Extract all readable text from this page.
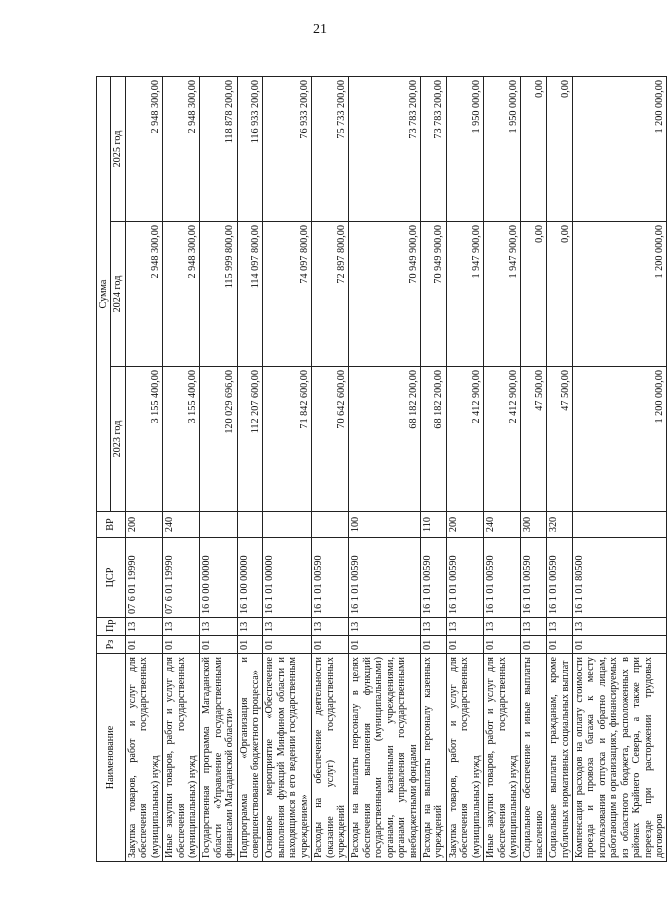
21
Наименование	Рз	Пр	ЦСР	ВР	Сумма		
					2023 год	2024 год	2025 год
Закупка товаров, работ и услуг для обеспечения государственных (муниципальных) нужд	01	13	07 6 01 19990	200	3 155 400,00	2 948 300,00	2 948 300,00
Иные закупки товаров, работ и услуг для обеспечения государственных (муниципальных) нужд	01	13	07 6 01 19990	240	3 155 400,00	2 948 300,00	2 948 300,00
Государственная программа Магаданской области «Управление государственными финансами Магаданской области»	01	13	16 0 00 00000		120 029 696,00	115 999 800,00	118 878 200,00
Подпрограмма «Организация и совершенствование бюджетного процесса»	01	13	16 1 00 00000		112 207 600,00	114 097 800,00	116 933 200,00
Основное мероприятие «Обеспечение выполнения функций Минфином области и находящимся в его ведении государственным учреждением»	01	13	16 1 01 00000		71 842 600,00	74 097 800,00	76 933 200,00
Расходы на обеспечение деятельности (оказание услуг) государственных учреждений	01	13	16 1 01 00590		70 642 600,00	72 897 800,00	75 733 200,00
Расходы на выплаты персоналу в целях обеспечения выполнения функций государственными (муниципальными) органами, казенными учреждениями, органами управления государственными внебюджетными фондами	01	13	16 1 01 00590	100	68 182 200,00	70 949 900,00	73 783 200,00
Расходы на выплаты персоналу казенных учреждений	01	13	16 1 01 00590	110	68 182 200,00	70 949 900,00	73 783 200,00
Закупка товаров, работ и услуг для обеспечения государственных (муниципальных) нужд	01	13	16 1 01 00590	200	2 412 900,00	1 947 900,00	1 950 000,00
Иные закупки товаров, работ и услуг для обеспечения государственных (муниципальных) нужд	01	13	16 1 01 00590	240	2 412 900,00	1 947 900,00	1 950 000,00
Социальное обеспечение и иные выплаты населению	01	13	16 1 01 00590	300	47 500,00	0,00	0,00
Социальные выплаты гражданам, кроме публичных нормативных социальных выплат	01	13	16 1 01 00590	320	47 500,00	0,00	0,00
Компенсация расходов на оплату стоимости проезда и провоза багажа к месту использования отпуска и обратно лицам, работающим в организациях, финансируемых из областного бюджета, расположенных в районах Крайнего Севера, а также при переезде при расторжении трудовых договоров	01	13	16 1 01 80500		1 200 000,00	1 200 000,00	1 200 000,00
